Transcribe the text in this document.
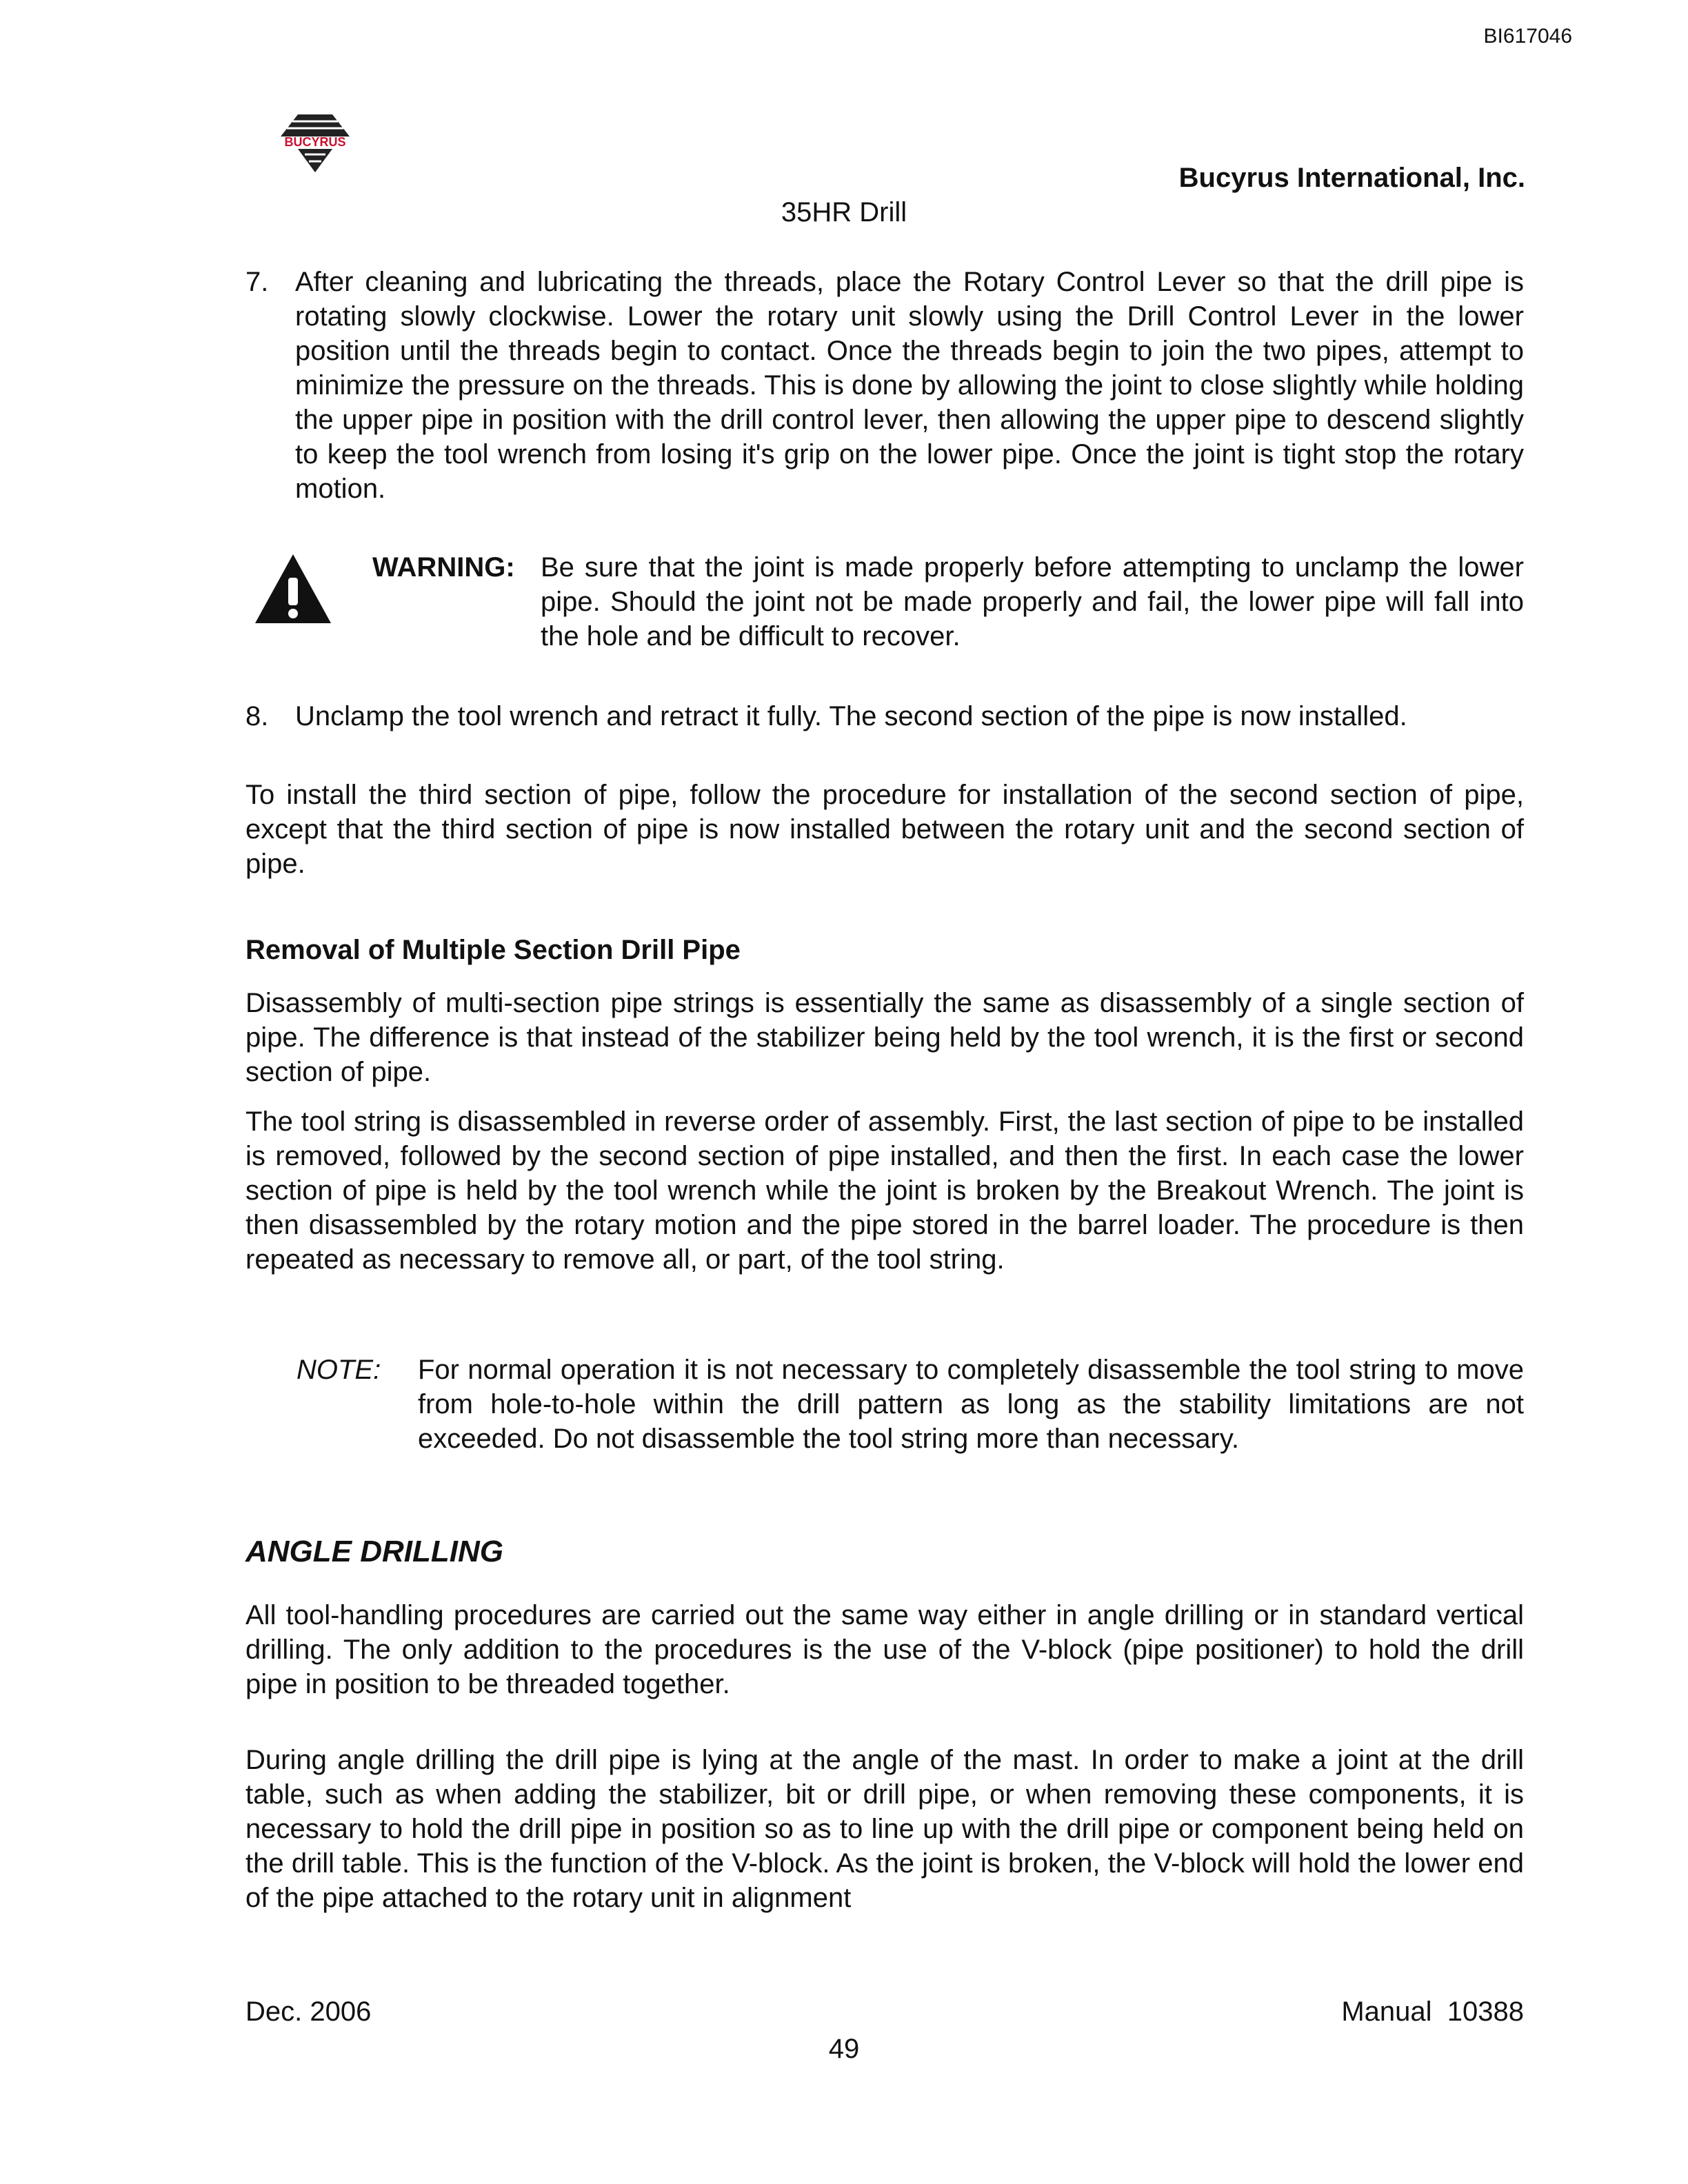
BI617046
BUCYRUS
Bucyrus International, Inc.
35HR Drill
7. After cleaning and lubricating the threads, place the Rotary Control Lever so that the drill pipe is rotating slowly clockwise. Lower the rotary unit slowly using the Drill Control Lever in the lower position until the threads begin to contact. Once the threads begin to join the two pipes, attempt to minimize the pressure on the threads. This is done by allowing the joint to close slightly while holding the upper pipe in position with the drill control lever, then allowing the upper pipe to descend slightly to keep the tool wrench from losing it's grip on the lower pipe. Once the joint is tight stop the rotary motion.
WARNING: Be sure that the joint is made properly before attempting to unclamp the lower pipe. Should the joint not be made properly and fail, the lower pipe will fall into the hole and be difficult to recover.
8. Unclamp the tool wrench and retract it fully. The second section of the pipe is now installed.

To install the third section of pipe, follow the procedure for installation of the second section of pipe, except that the third section of pipe is now installed between the rotary unit and the second section of pipe.

Removal of Multiple Section Drill Pipe

Disassembly of multi-section pipe strings is essentially the same as disassembly of a single section of pipe. The difference is that instead of the stabilizer being held by the tool wrench, it is the first or second section of pipe.

The tool string is disassembled in reverse order of assembly. First, the last section of pipe to be installed is removed, followed by the second section of pipe installed, and then the first. In each case the lower section of pipe is held by the tool wrench while the joint is broken by the Breakout Wrench. The joint is then disassembled by the rotary motion and the pipe stored in the barrel loader. The procedure is then repeated as necessary to remove all, or part, of the tool string.

NOTE: For normal operation it is not necessary to completely disassemble the tool string to move from hole-to-hole within the drill pattern as long as the stability limitations are not exceeded. Do not disassemble the tool string more than necessary.
ANGLE DRILLING

All tool-handling procedures are carried out the same way either in angle drilling or in standard vertical drilling. The only addition to the procedures is the use of the V-block (pipe positioner) to hold the drill pipe in position to be threaded together.

During angle drilling the drill pipe is lying at the angle of the mast. In order to make a joint at the drill table, such as when adding the stabilizer, bit or drill pipe, or when removing these components, it is necessary to hold the drill pipe in position so as to line up with the drill pipe or component being held on the drill table. This is the function of the V-block. As the joint is broken, the V-block will hold the lower end of the pipe attached to the rotary unit in alignment

Dec. 2006	Manual  10388
49
